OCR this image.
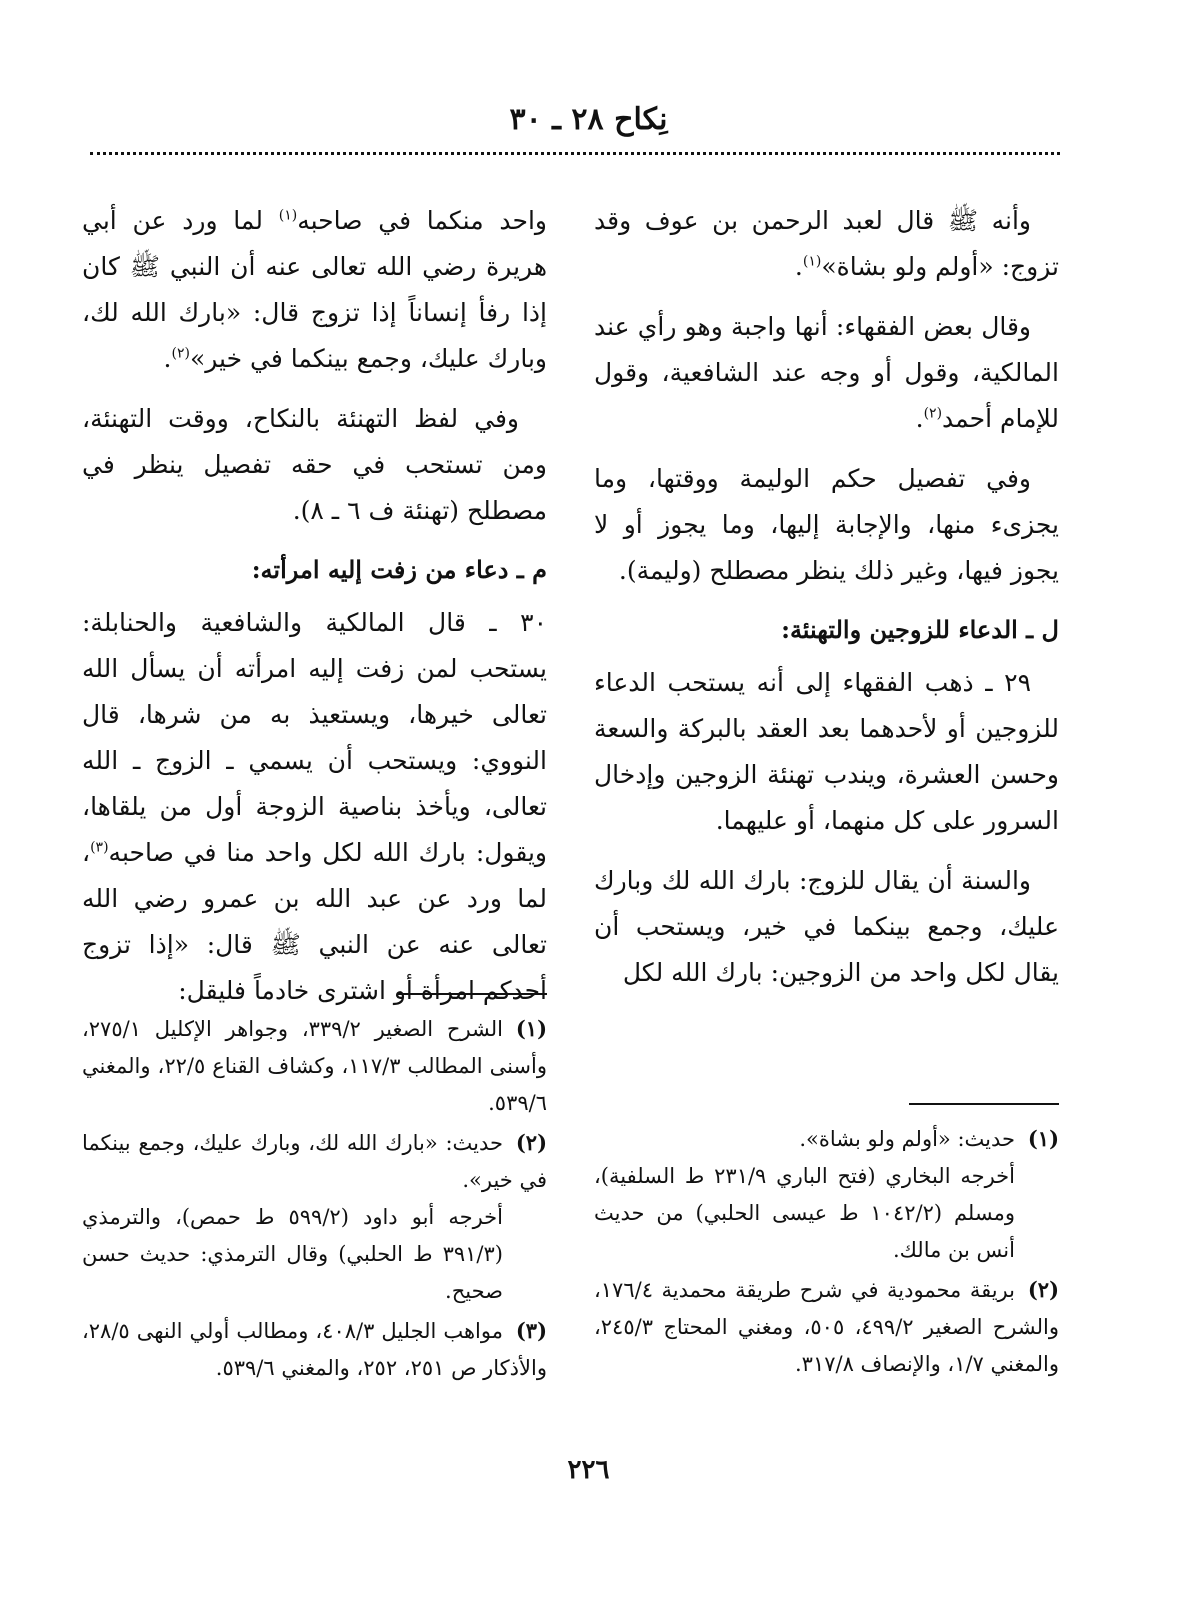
نِكاح ٢٨ ـ ٣٠

وأنه ﷺ قال لعبد الرحمن بن عوف وقد تزوج: «أولم ولو بشاة»$^{(١)}$.

وقال بعض الفقهاء: أنها واجبة وهو رأي عند المالكية، وقول أو وجه عند الشافعية، وقول للإمام أحمد$^{(٢)}$.

وفي تفصيل حكم الوليمة ووقتها، وما يجزىء منها، والإجابة إليها، وما يجوز أو لا يجوز فيها، وغير ذلك ينظر مصطلح (وليمة).

ل ـ الدعاء للزوجين والتهنئة:

٢٩ ـ ذهب الفقهاء إلى أنه يستحب الدعاء للزوجين أو لأحدهما بعد العقد بالبركة والسعة وحسن العشرة، ويندب تهنئة الزوجين وإدخال السرور على كل منهما، أو عليهما.

والسنة أن يقال للزوج: بارك الله لك وبارك عليك، وجمع بينكما في خير، ويستحب أن يقال لكل واحد من الزوجين: بارك الله لكل

واحد منكما في صاحبه$^{(١)}$ لما ورد عن أبي هريرة رضي الله تعالى عنه أن النبي ﷺ كان إذا رفأ إنساناً إذا تزوج قال: «بارك الله لك، وبارك عليك، وجمع بينكما في خير»$^{(٢)}$.

وفي لفظ التهنئة بالنكاح، ووقت التهنئة، ومن تستحب في حقه تفصيل ينظر في مصطلح (تهنئة ف ٦ ـ ٨).

م ـ دعاء من زفت إليه امرأته:

٣٠ ـ قال المالكية والشافعية والحنابلة: يستحب لمن زفت إليه امرأته أن يسأل الله تعالى خيرها، ويستعيذ به من شرها، قال النووي: ويستحب أن يسمي ـ الزوج ـ الله تعالى، ويأخذ بناصية الزوجة أول من يلقاها، ويقول: بارك الله لكل واحد منا في صاحبه$^{(٣)}$، لما ورد عن عبد الله بن عمرو رضي الله تعالى عنه عن النبي ﷺ قال: «إذا تزوج أحدكم امرأة أو اشترى خادماً فليقل:

(١)حديث: «أولم ولو بشاة».
أخرجه البخاري (فتح الباري ٢٣١/٩ ط السلفية)، ومسلم (١٠٤٢/٢ ط عيسى الحلبي) من حديث أنس بن مالك.
(٢)بريقة محمودية في شرح طريقة محمدية ١٧٦/٤، والشرح الصغير ٤٩٩/٢، ٥٠٥، ومغني المحتاج ٢٤٥/٣، والمغني ١/٧، والإنصاف ٣١٧/٨.
(١)الشرح الصغير ٣٣٩/٢، وجواهر الإكليل ٢٧٥/١، وأسنى المطالب ١١٧/٣، وكشاف القناع ٢٢/٥، والمغني ٥٣٩/٦.
(٢)حديث: «بارك الله لك، وبارك عليك، وجمع بينكما في خير».
أخرجه أبو داود (٥٩٩/٢ ط حمص)، والترمذي (٣٩١/٣ ط الحلبي) وقال الترمذي: حديث حسن صحيح.
(٣)مواهب الجليل ٤٠٨/٣، ومطالب أولي النهى ٢٨/٥، والأذكار ص ٢٥١، ٢٥٢، والمغني ٥٣٩/٦.
٢٢٦
